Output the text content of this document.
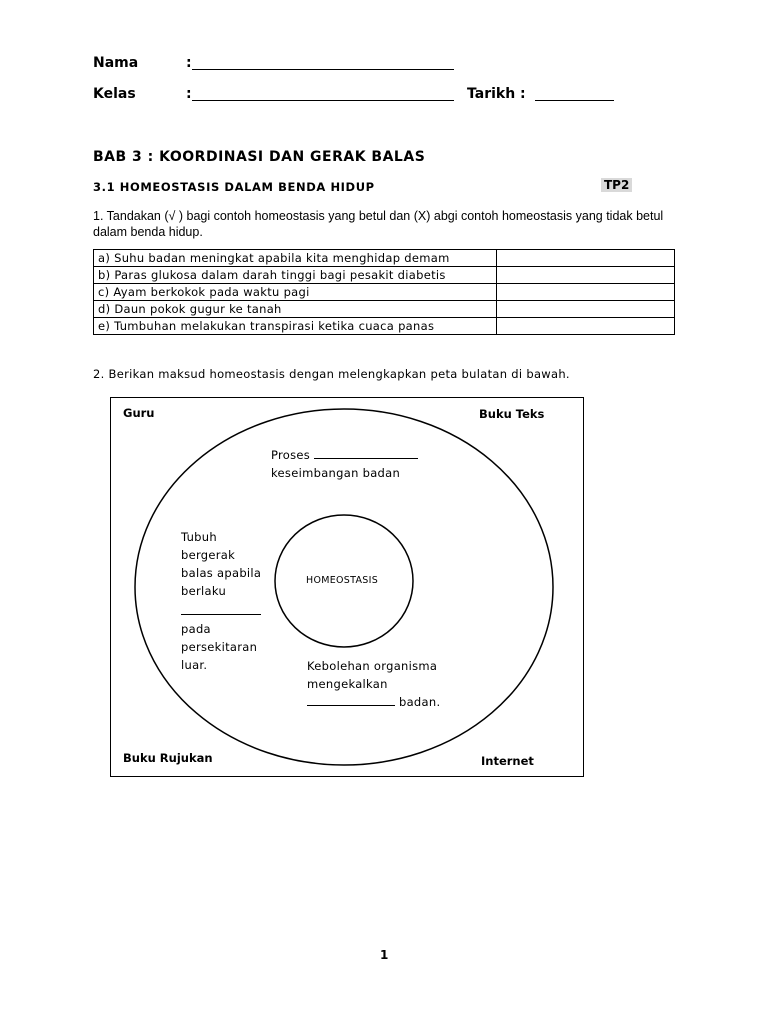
Nama	:
Kelas	:	Tarikh :
BAB 3 : KOORDINASI DAN GERAK BALAS
3.1 HOMEOSTASIS DALAM BENDA HIDUP	TP2
1. Tandakan (√ ) bagi contoh homeostasis yang betul dan (X) abgi contoh homeostasis yang tidak betul dalam benda hidup.
a) Suhu badan meningkat apabila kita menghidap demam	
b) Paras glukosa dalam darah tinggi bagi pesakit diabetis	
c) Ayam berkokok pada waktu pagi	
d) Daun pokok gugur ke tanah	
e) Tumbuhan melakukan transpirasi ketika cuaca panas	
2. Berikan maksud homeostasis dengan melengkapkan peta bulatan di bawah.
Guru	Buku Teks
Buku Rujukan	Internet
HOMEOSTASIS
Proses
keseimbangan badan
Tubuh
bergerak
balas apabila
berlaku

pada
persekitaran
luar.	Kebolehan organisma
mengekalkan
badan.
1
